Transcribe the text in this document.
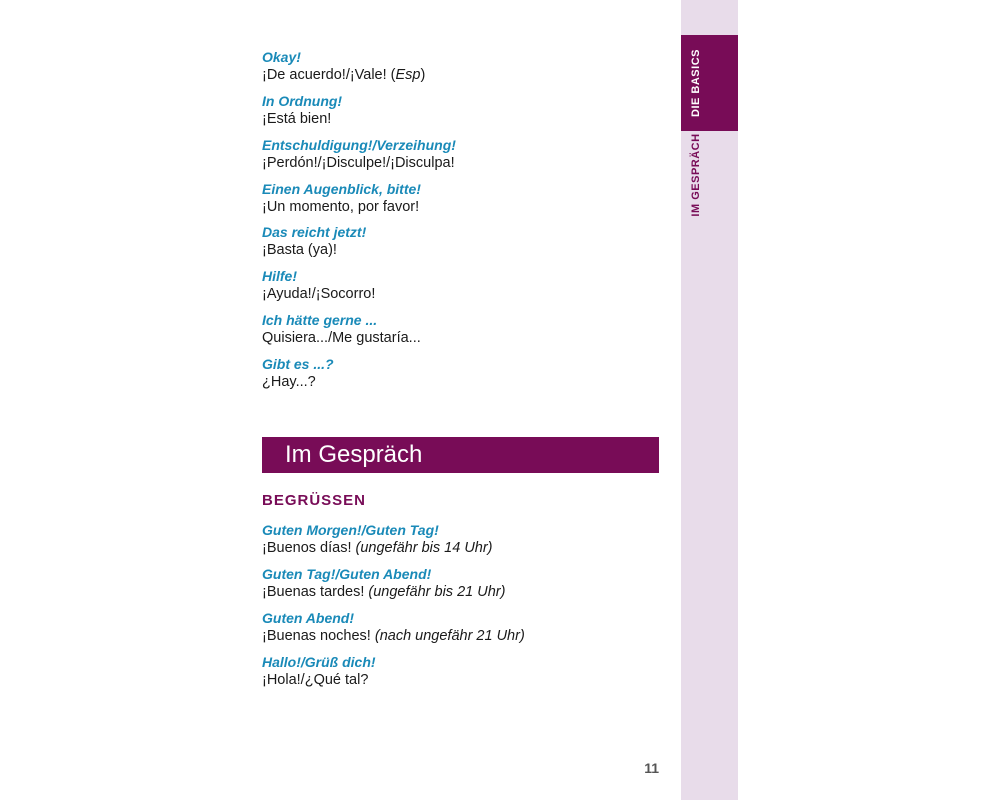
Okay!
¡De acuerdo!/¡Vale! (Esp)
In Ordnung!
¡Está bien!
Entschuldigung!/Verzeihung!
¡Perdón!/¡Disculpe!/¡Disculpa!
Einen Augenblick, bitte!
¡Un momento, por favor!
Das reicht jetzt!
¡Basta (ya)!
Hilfe!
¡Ayuda!/¡Socorro!
Ich hätte gerne ...
Quisiera.../Me gustaría...
Gibt es ...?
¿Hay...?
Im Gespräch
BEGRÜSSEN
Guten Morgen!/Guten Tag!
¡Buenos días! (ungefähr bis 14 Uhr)
Guten Tag!/Guten Abend!
¡Buenas tardes! (ungefähr bis 21 Uhr)
Guten Abend!
¡Buenas noches! (nach ungefähr 21 Uhr)
Hallo!/Grüß dich!
¡Hola!/¿Qué tal?
11
DIE BASICS
IM GESPRÄCH
